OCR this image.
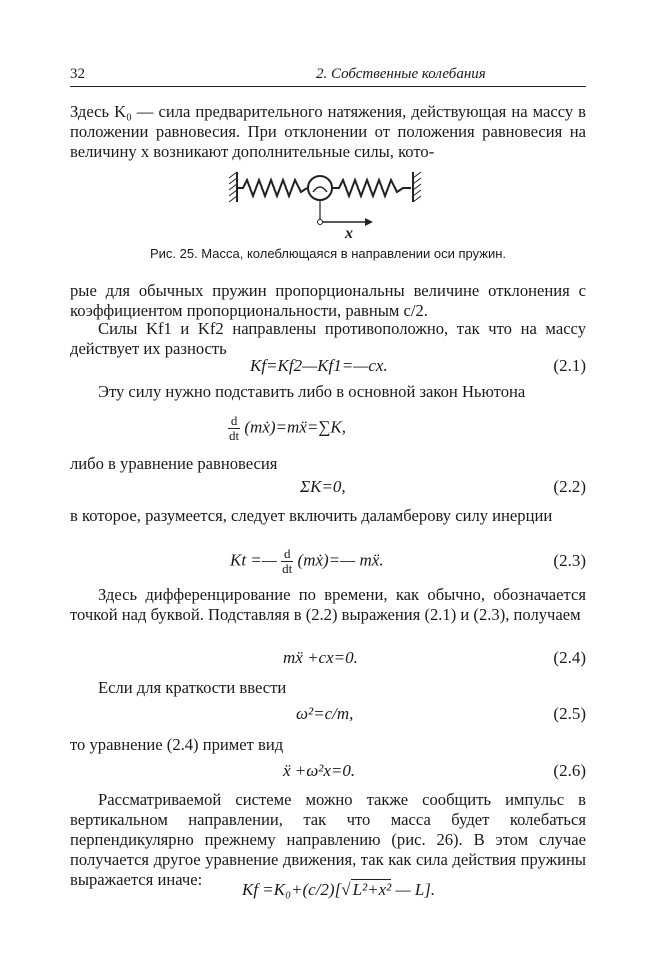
32	2. Собственные колебания

Здесь K₀ — сила предварительного натяжения, действующая на массу в положении равновесия. При отклонении от положения равновесия на величину x возникают дополнительные силы, кото-

x
Рис. 25. Масса, колеблющаяся в направлении оси пружин.

рые для обычных пружин пропорциональны величине отклонения с коэффициентом пропорциональности, равным c/2.

Силы Kf1 и Kf2 направлены противоположно, так что на массу действует их разность

Kf=Kf2—Kf1=—cx.	(2.1)

Эту силу нужно подставить либо в основной закон Ньютона

$\frac{d}{dt}$ (mẋ)=mẍ=∑K,

либо в уравнение равновесия

ΣK=0,	(2.2)

в которое, разумеется, следует включить даламберову силу инерции

Kt =— $\frac{d}{dt}$ (mẋ)=— mẍ.	(2.3)

Здесь дифференцирование по времени, как обычно, обозначается точкой над буквой. Подставляя в (2.2) выражения (2.1) и (2.3), получаем

mẍ +cx=0.	(2.4)

Если для краткости ввести

ω²=c/m,	(2.5)

то уравнение (2.4) примет вид

ẍ +ω²x=0.	(2.6)

Рассматриваемой системе можно также сообщить импульс в вертикальном направлении, так что масса будет колебаться перпендикулярно прежнему направлению (рис. 26). В этом случае получается другое уравнение движения, так как сила действия пружины выражается иначе:

Kf =K₀+(c/2)[√ L²+x² — L].
